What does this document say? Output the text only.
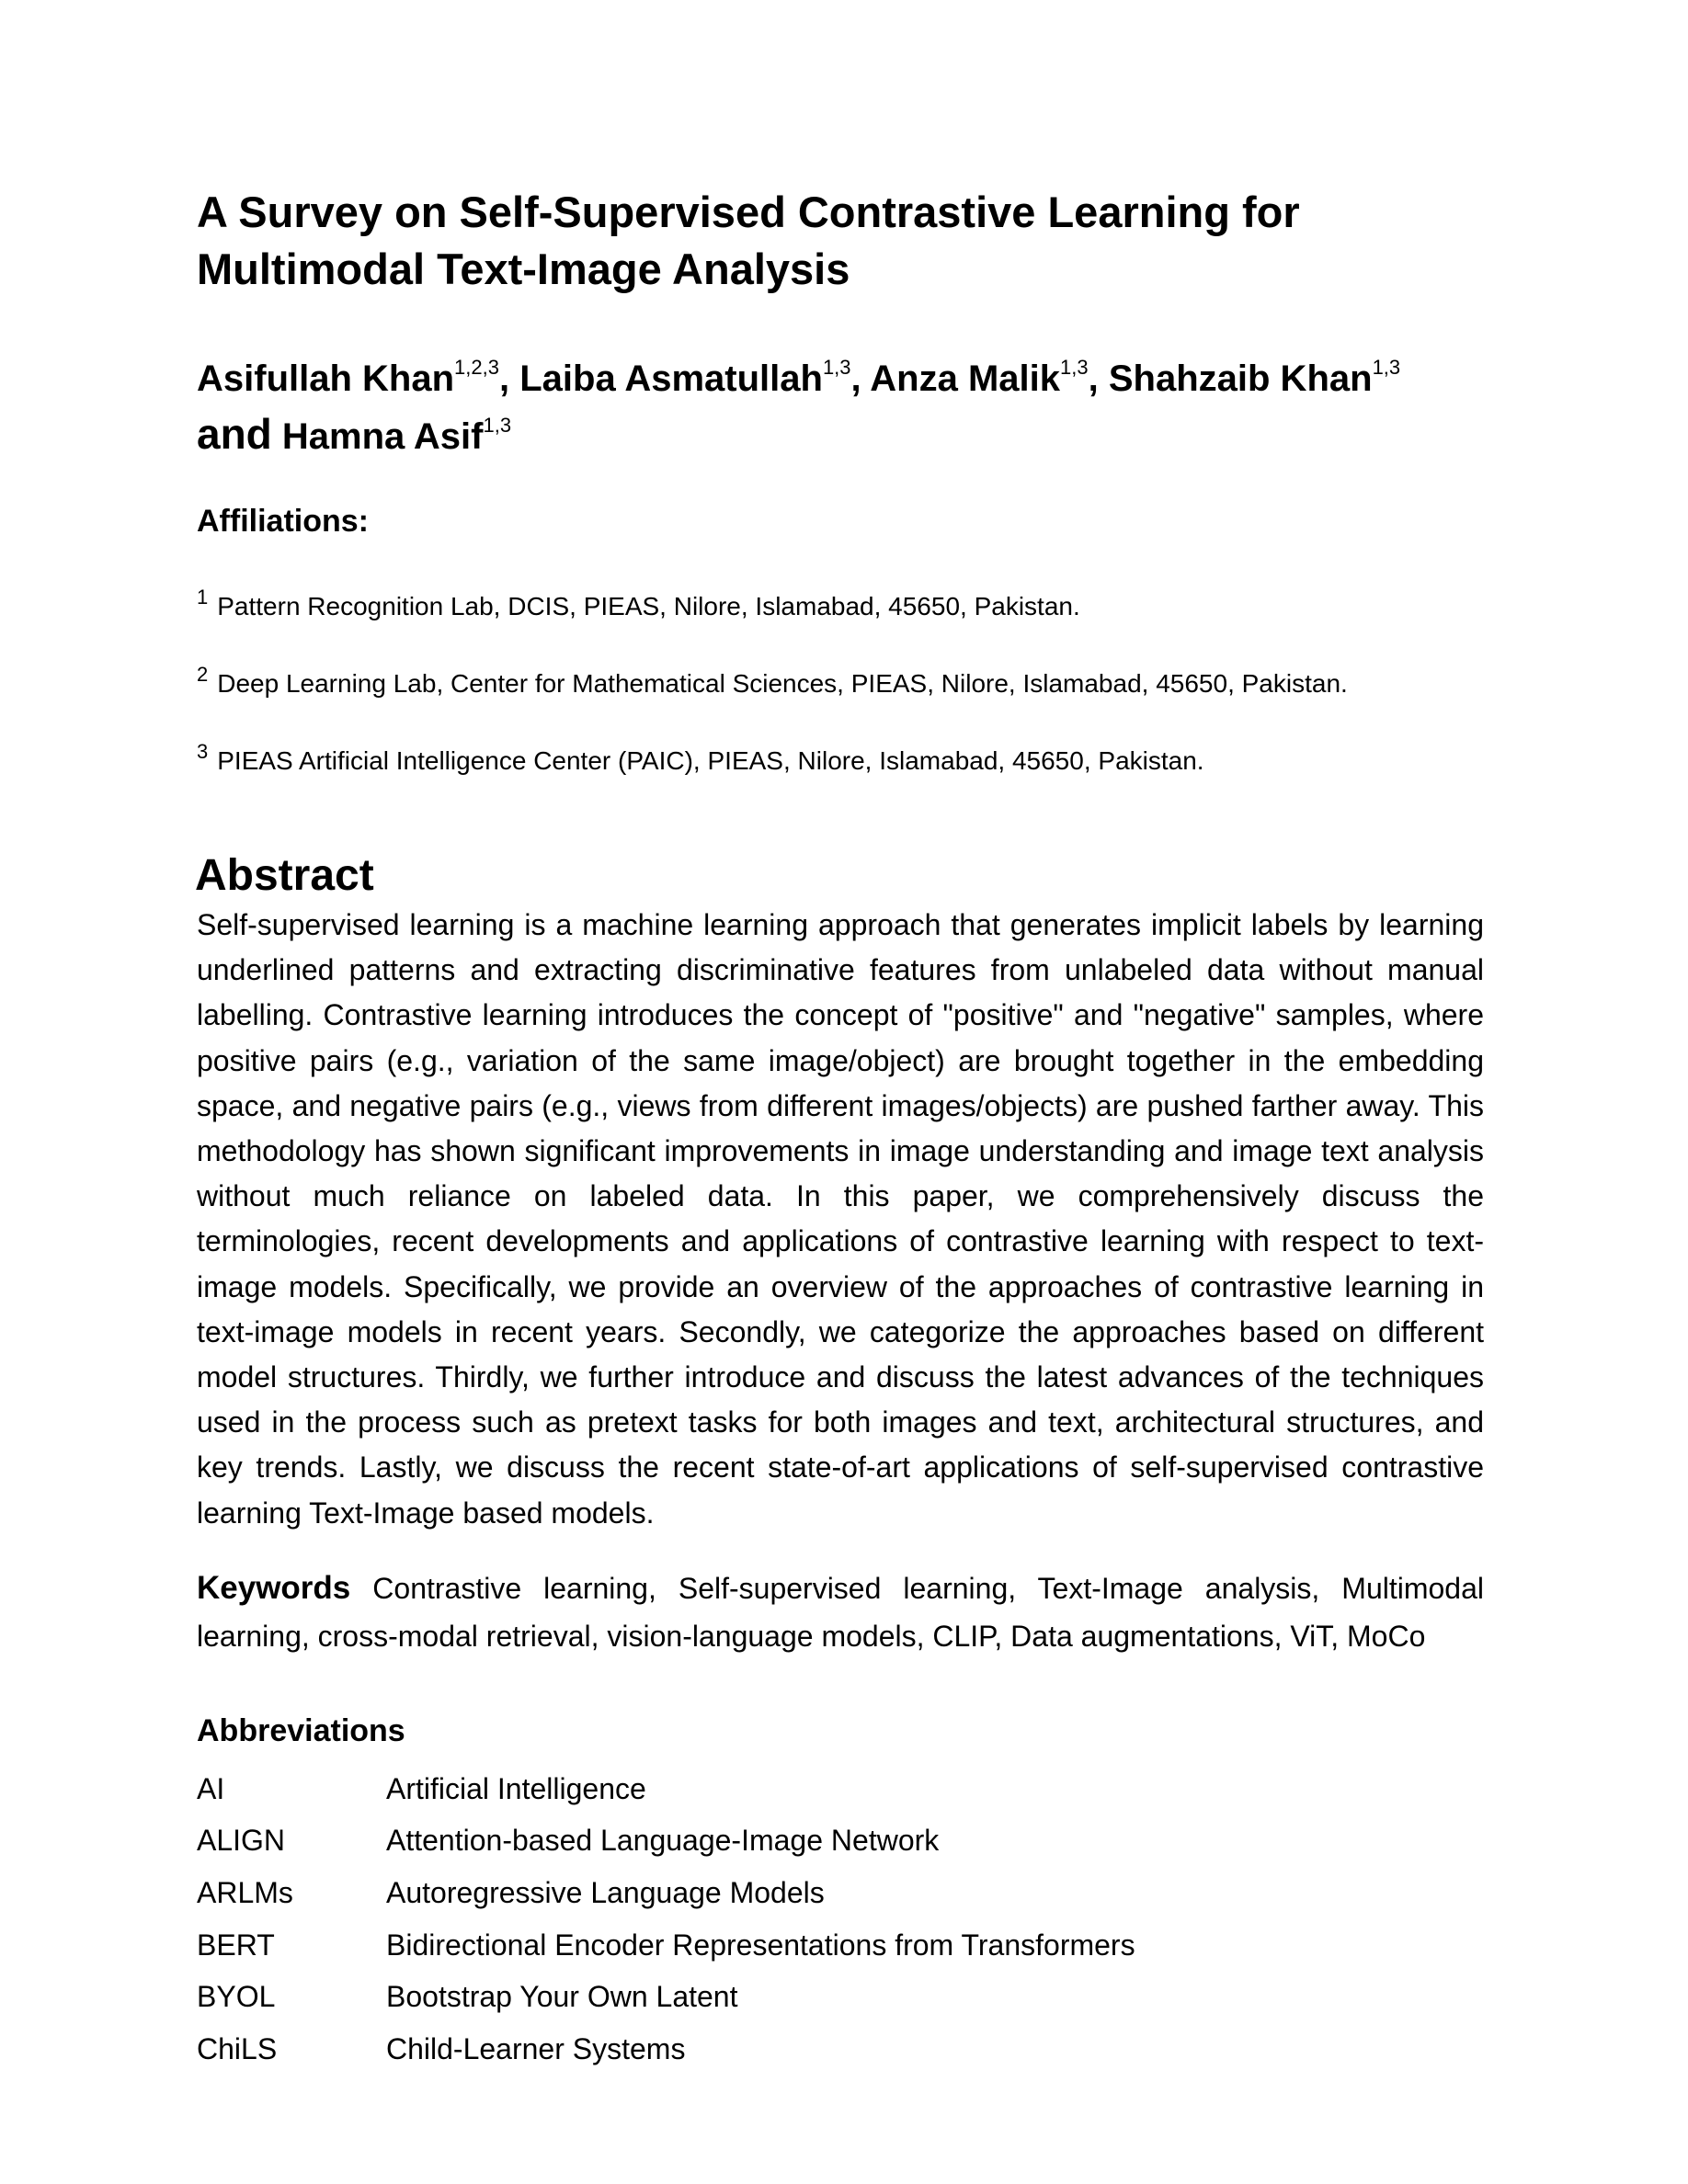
A Survey on Self-Supervised Contrastive Learning for Multimodal Text-Image Analysis
Asifullah Khan$^{1,2,3}$, Laiba Asmatullah$^{1,3}$, Anza Malik$^{1,3}$, Shahzaib Khan$^{1,3}$
and Hamna Asif$^{1,3}$
Affiliations:
$^1$ Pattern Recognition Lab, DCIS, PIEAS, Nilore, Islamabad, 45650, Pakistan.
$^2$ Deep Learning Lab, Center for Mathematical Sciences, PIEAS, Nilore, Islamabad, 45650, Pakistan.
$^3$ PIEAS Artificial Intelligence Center (PAIC), PIEAS, Nilore, Islamabad, 45650, Pakistan.
Abstract

Self-supervised learning is a machine learning approach that generates implicit labels by learning underlined patterns and extracting discriminative features from unlabeled data without manual labelling. Contrastive learning introduces the concept of "positive" and "negative" samples, where positive pairs (e.g., variation of the same image/object) are brought together in the embedding space, and negative pairs (e.g., views from different images/objects) are pushed farther away. This methodology has shown significant improvements in image understanding and image text analysis without much reliance on labeled data. In this paper, we comprehensively discuss the terminologies, recent developments and applications of contrastive learning with respect to text-image models. Specifically, we provide an overview of the approaches of contrastive learning in text-image models in recent years. Secondly, we categorize the approaches based on different model structures. Thirdly, we further introduce and discuss the latest advances of the techniques used in the process such as pretext tasks for both images and text, architectural structures, and key trends. Lastly, we discuss the recent state-of-art applications of self-supervised contrastive learning Text-Image based models.

Keywords Contrastive learning, Self-supervised learning, Text-Image analysis, Multimodal learning, cross-modal retrieval, vision-language models, CLIP, Data augmentations, ViT, MoCo

Abbreviations
AI	Artificial Intelligence
ALIGN	Attention-based Language-Image Network
ARLMs	Autoregressive Language Models
BERT	Bidirectional Encoder Representations from Transformers
BYOL	Bootstrap Your Own Latent
ChiLS	Child-Learner Systems
